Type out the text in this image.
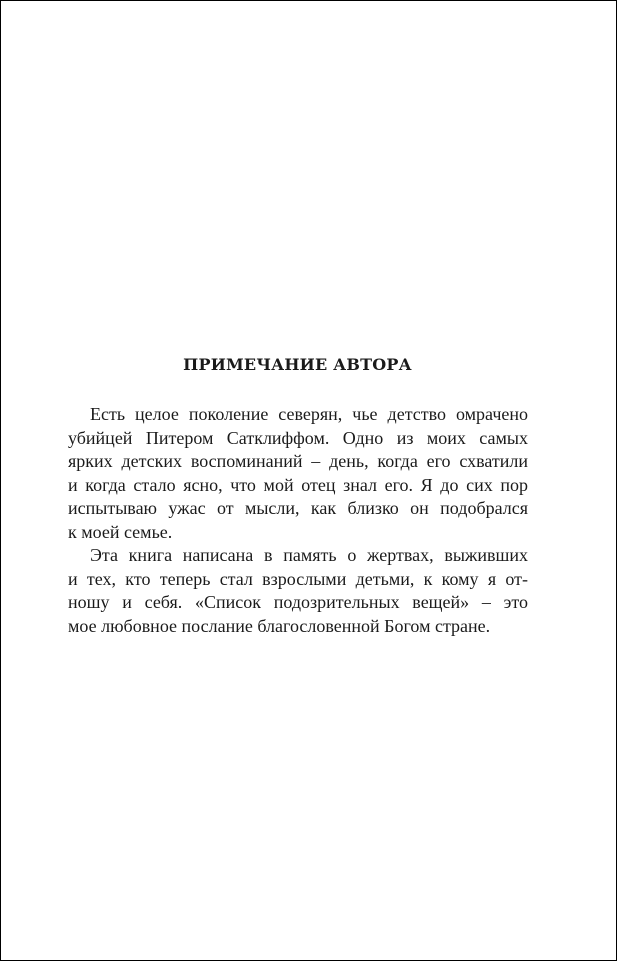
ПРИМЕЧАНИЕ АВТОРА

Есть целое поколение северян, чье детство омрачено
убийцей Питером Сатклиффом. Одно из моих самых
ярких детских воспоминаний – день, когда его схватили
и когда стало ясно, что мой отец знал его. Я до сих пор
испытываю ужас от мысли, как близко он подобрался
к моей семье.

Эта книга написана в память о жертвах, выживших
и тех, кто теперь стал взрослыми детьми, к кому я от-
ношу и себя. «Список подозрительных вещей» – это
мое любовное послание благословенной Богом стране.
